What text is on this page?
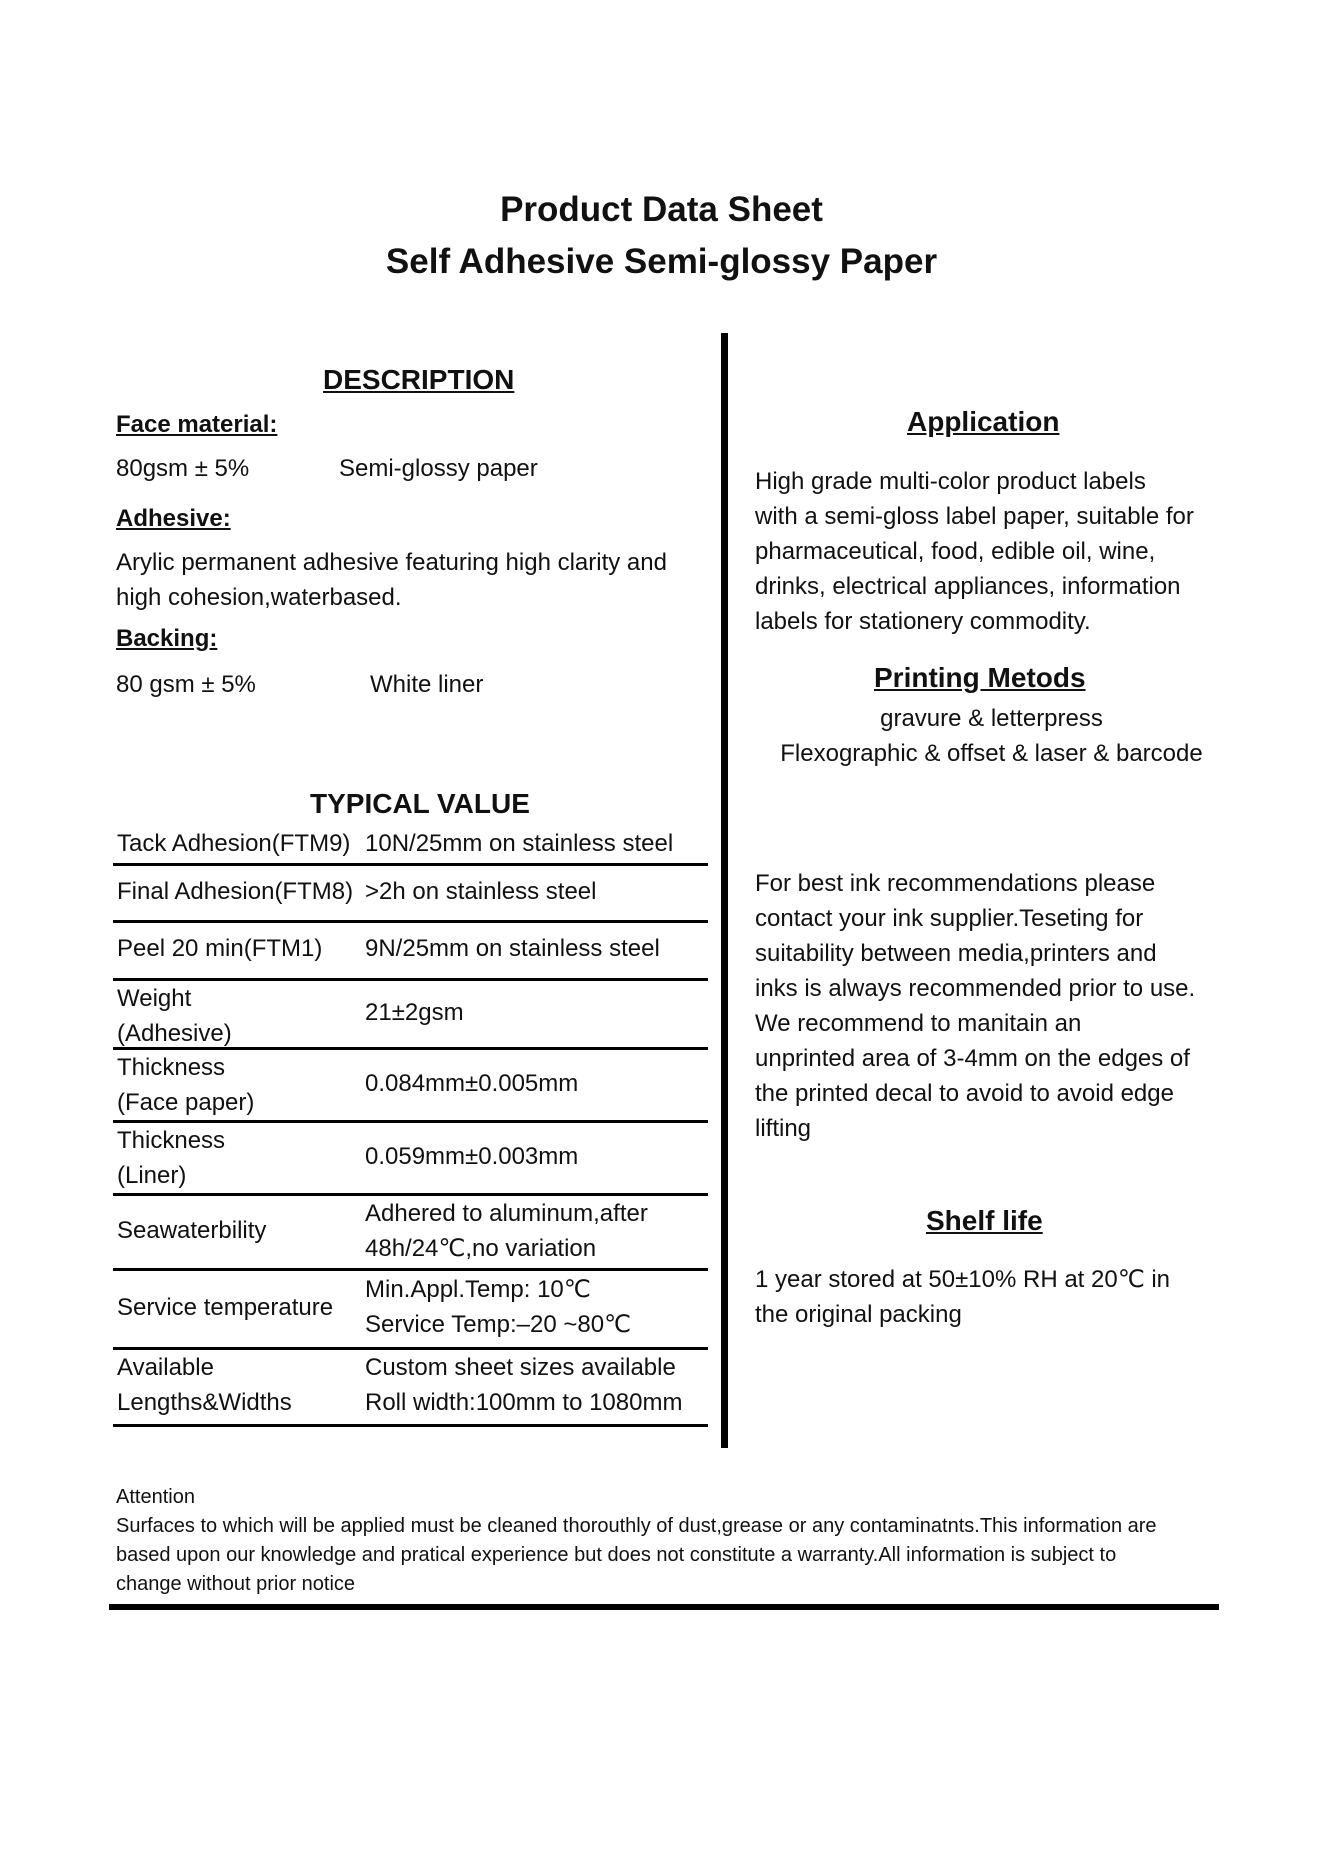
Product Data Sheet
Self Adhesive Semi-glossy Paper
DESCRIPTION
Face material:
80gsm ± 5%	Semi-glossy paper
Adhesive:
Arylic permanent adhesive featuring high clarity and
high cohesion,waterbased.
Backing:
80 gsm ± 5%	White liner
TYPICAL VALUE
Tack Adhesion(FTM9) 10N/25mm on stainless steel
Final Adhesion(FTM8) >2h on stainless steel
Peel 20 min(FTM1) 9N/25mm on stainless steel
Weight
(Adhesive)
21±2gsm
Thickness
(Face paper)
0.084mm±0.005mm
Thickness
(Liner)
0.059mm±0.003mm
Seawaterbility
Adhered to aluminum,after
48h/24℃,no variation
Service temperature
Min.Appl.Temp: 10℃
Service Temp:–20 ~80℃
Available
Lengths&Widths
Custom sheet sizes available
Roll width:100mm to 1080mm
Application
High grade multi-color product labels
with a semi-gloss label paper, suitable for
pharmaceutical, food, edible oil, wine,
drinks, electrical appliances, information
labels for stationery commodity.
Printing Metods
gravure & letterpress
Flexographic & offset & laser & barcode
For best ink recommendations please
contact your ink supplier.Teseting for
suitability between media,printers and
inks is always recommended prior to use.
We recommend to manitain an
unprinted area of 3-4mm on the edges of
the printed decal to avoid to avoid edge
lifting
Shelf life
1 year stored at 50±10% RH at 20℃ in
the original packing
Attention
Surfaces to which will be applied must be cleaned thorouthly of dust,grease or any contaminatnts.This information are
based upon our knowledge and pratical experience but does not constitute a warranty.All information is subject to
change without prior notice
